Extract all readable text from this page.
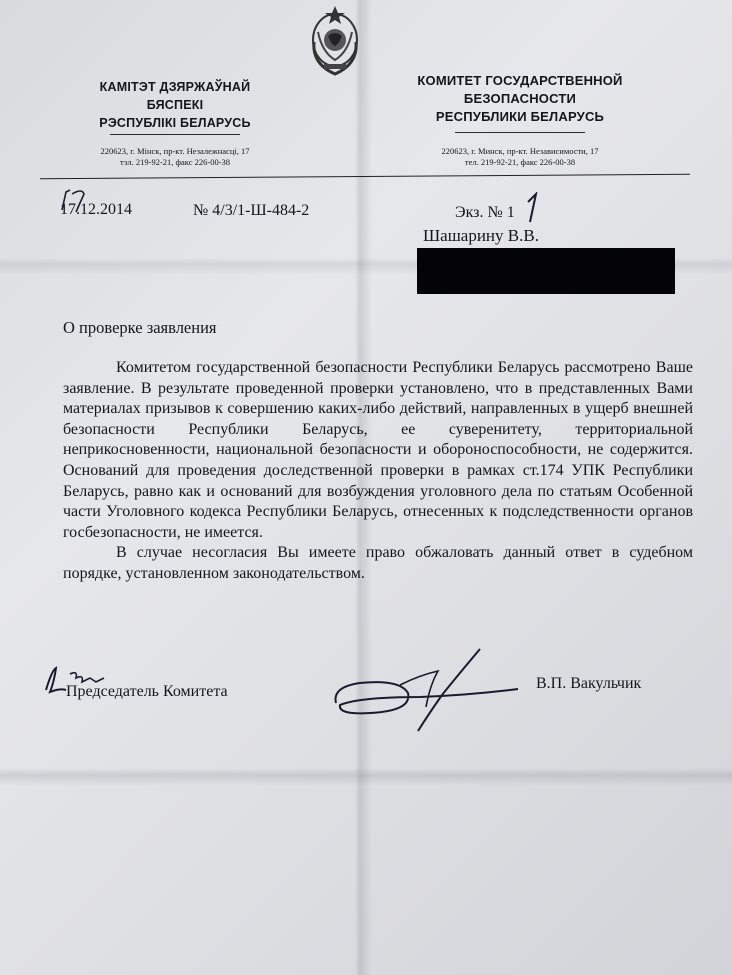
КАМІТЭТ ДЗЯРЖАЎНАЙ
БЯСПЕКІ
РЭСПУБЛІКІ БЕЛАРУСЬ
220623, г. Мінск, пр-кт. Незалежнасці, 17
тэл. 219-92-21, факс 226-00-38
КОМИТЕТ ГОСУДАРСТВЕННОЙ
БЕЗОПАСНОСТИ
РЕСПУБЛИКИ БЕЛАРУСЬ
220623, г. Минск, пр-кт. Независимости, 17
тел. 219-92-21, факс 226-00-38
17.12.2014	№ 4/3/1-Ш-484-2	Экз. № 1
Шашарину В.В.
О проверке заявления

Комитетом государственной безопасности Республики Беларусь рассмотрено Ваше заявление. В результате проведенной проверки установлено, что в представленных Вами материалах призывов к совершению каких-либо действий, направленных в ущерб внешней безопасности Республики Беларусь, ее суверенитету, территориальной неприкосновенности, национальной безопасности и обороноспособности, не содержится. Оснований для проведения доследственной проверки в рамках ст.174 УПК Республики Беларусь, равно как и оснований для возбуждения уголовного дела по статьям Особенной части Уголовного кодекса Республики Беларусь, отнесенных к подследственности органов госбезопасности, не имеется.

В случае несогласия Вы имеете право обжаловать данный ответ в судебном порядке, установленном законодательством.

Председатель Комитета	В.П. Вакульчик
